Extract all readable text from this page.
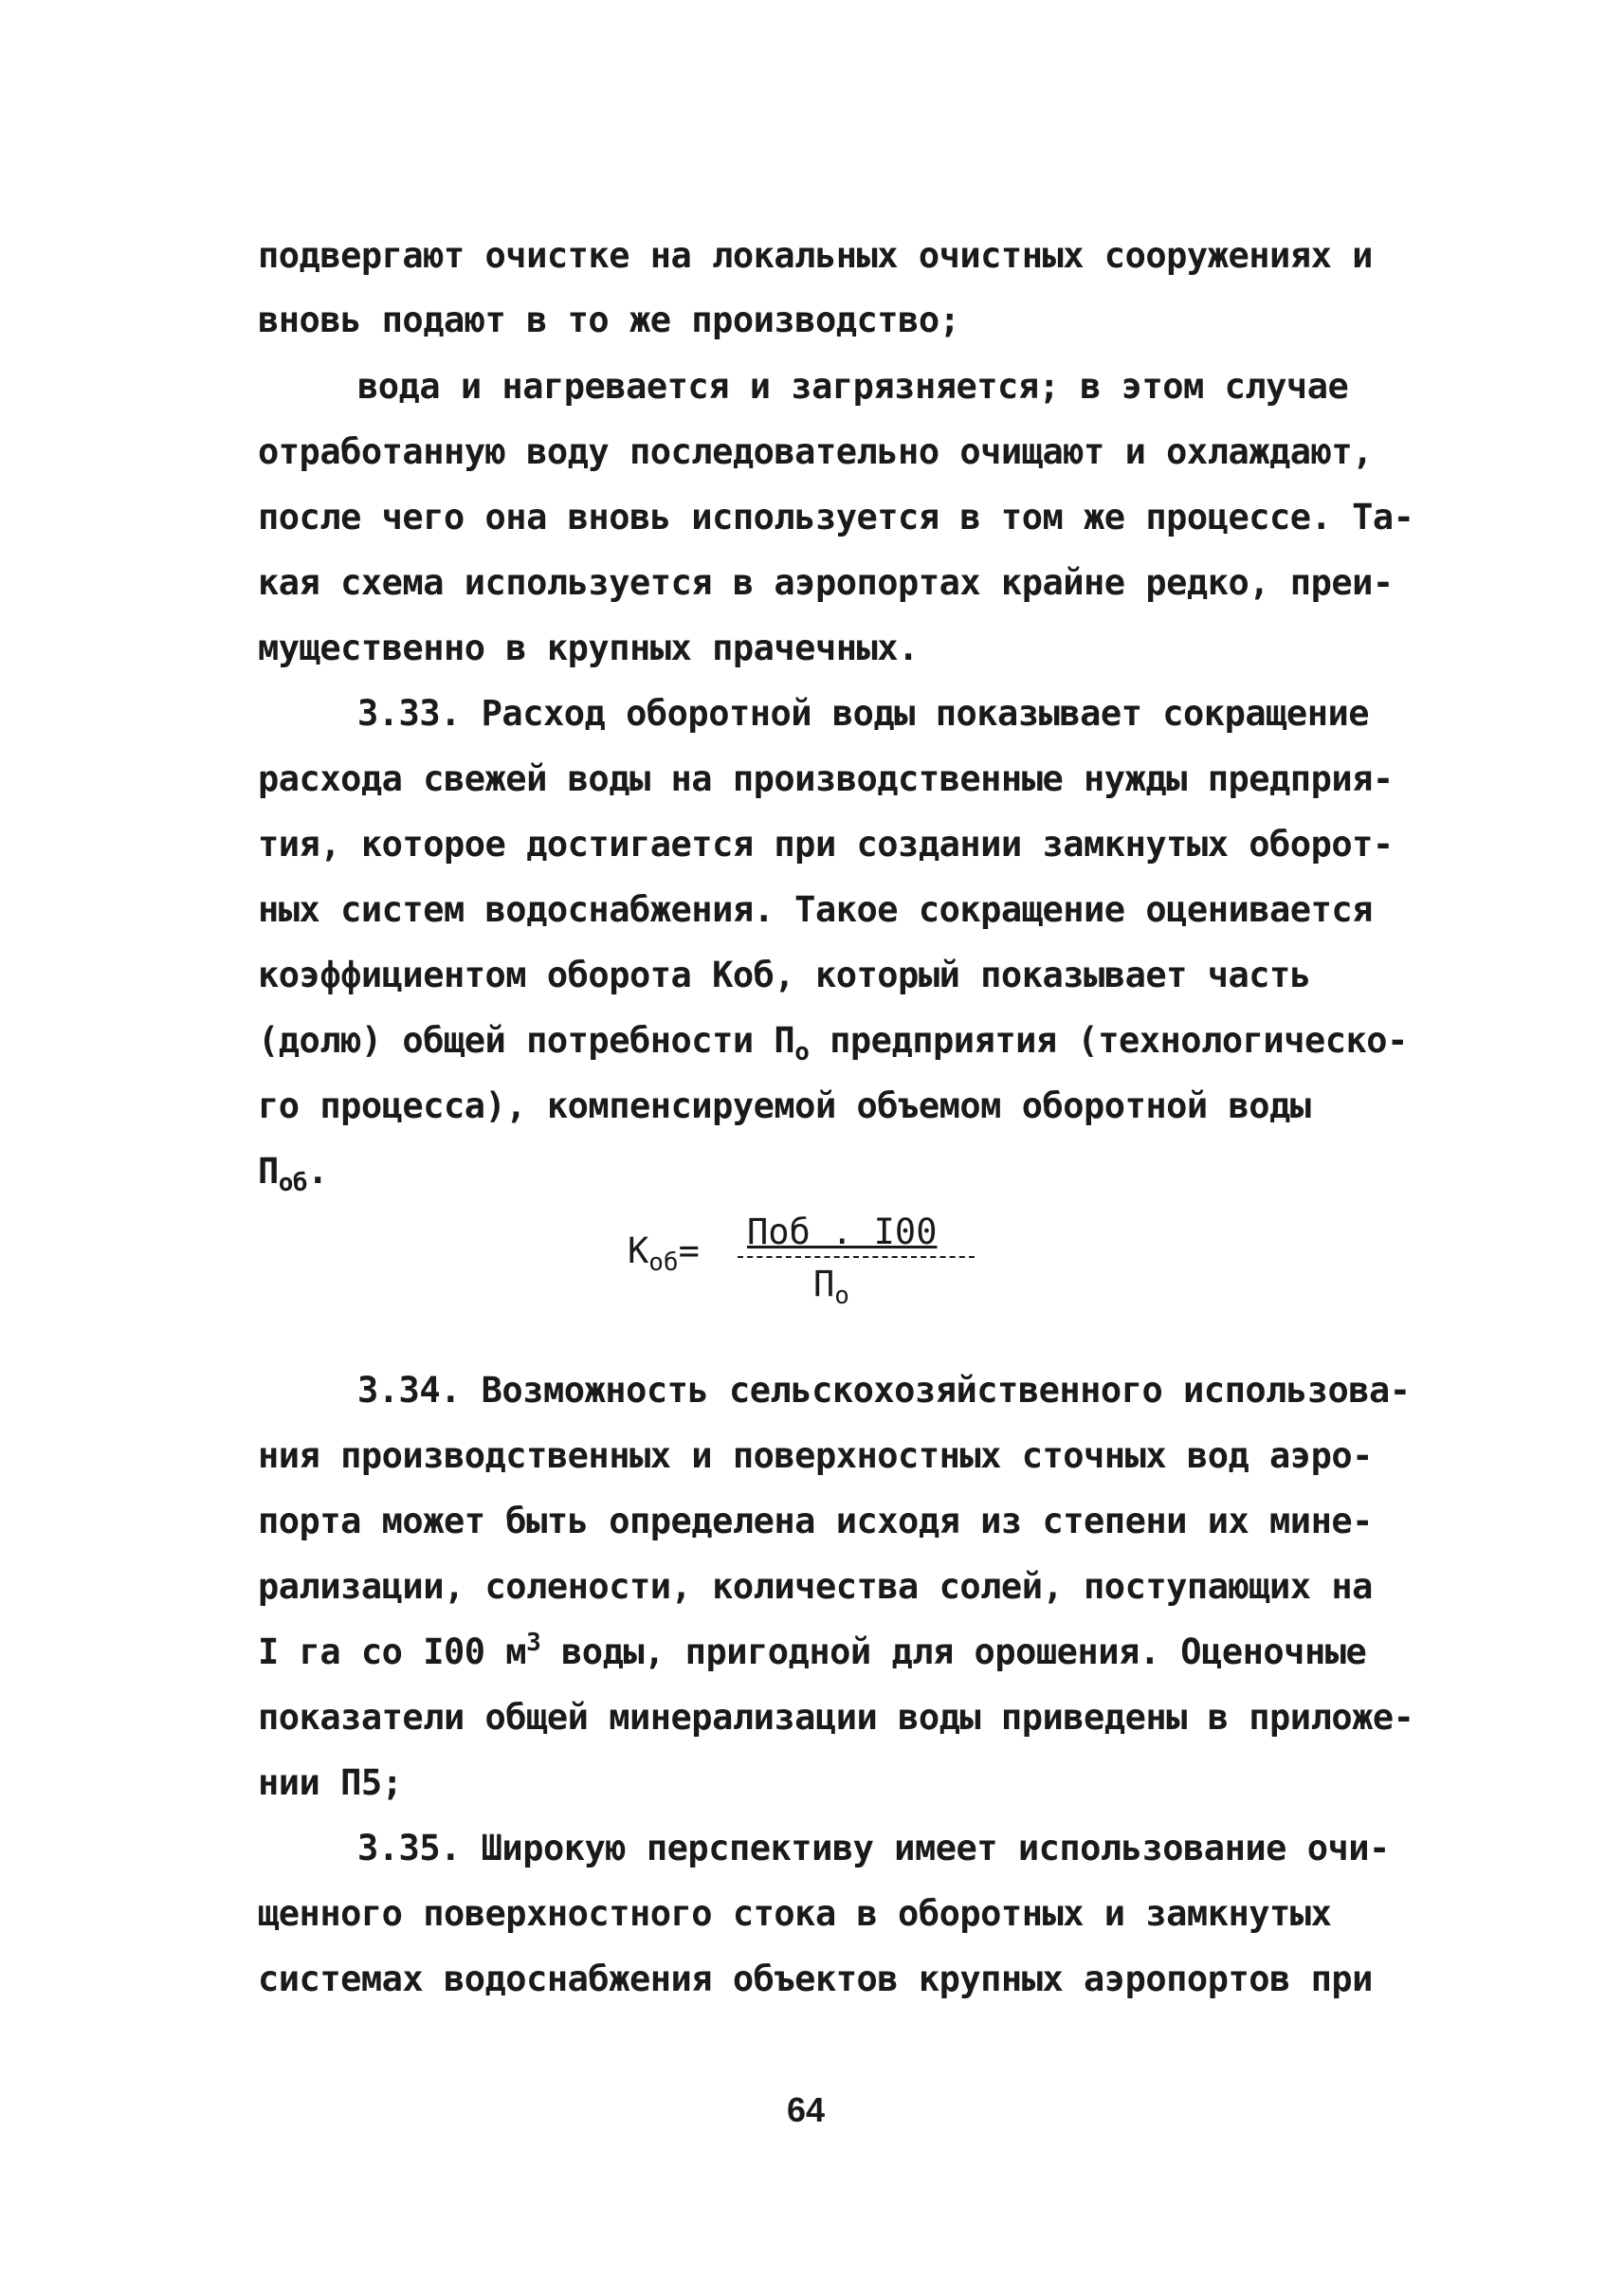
подвергают очистке на локальных очистных сооружениях и
вновь подают в то же производство;
вода и нагревается и загрязняется; в этом случае
отработанную воду последовательно очищают и охлаждают,
после чего она вновь используется в том же процессе. Та-
кая схема используется в аэропортах крайне редко, преи-
мущественно в крупных прачечных.
3.33. Расход оборотной воды показывает сокращение
расхода свежей воды на производственные нужды предприя-
тия, которое достигается при создании замкнутых оборот-
ных систем водоснабжения. Такое сокращение оценивается
коэффициентом оборота Коб, который показывает часть
(долю) общей потребности $П_о$ предприятия (технологическо-
го процесса), компенсируемой объемом оборотной воды
$П_{об}$.
$К_{об}=$ Поб . I00
$П_о$
3.34. Возможность сельскохозяйственного использова-
ния производственных и поверхностных сточных вод аэро-
порта может быть определена исходя из степени их мине-
рализации, солености, количества солей, поступающих на
I га со I00 $м^3$ воды, пригодной для орошения. Оценочные
показатели общей минерализации воды приведены в приложе-
нии П5;
3.35. Широкую перспективу имеет использование очи-
щенного поверхностного стока в оборотных и замкнутых
системах водоснабжения объектов крупных аэропортов при
64
